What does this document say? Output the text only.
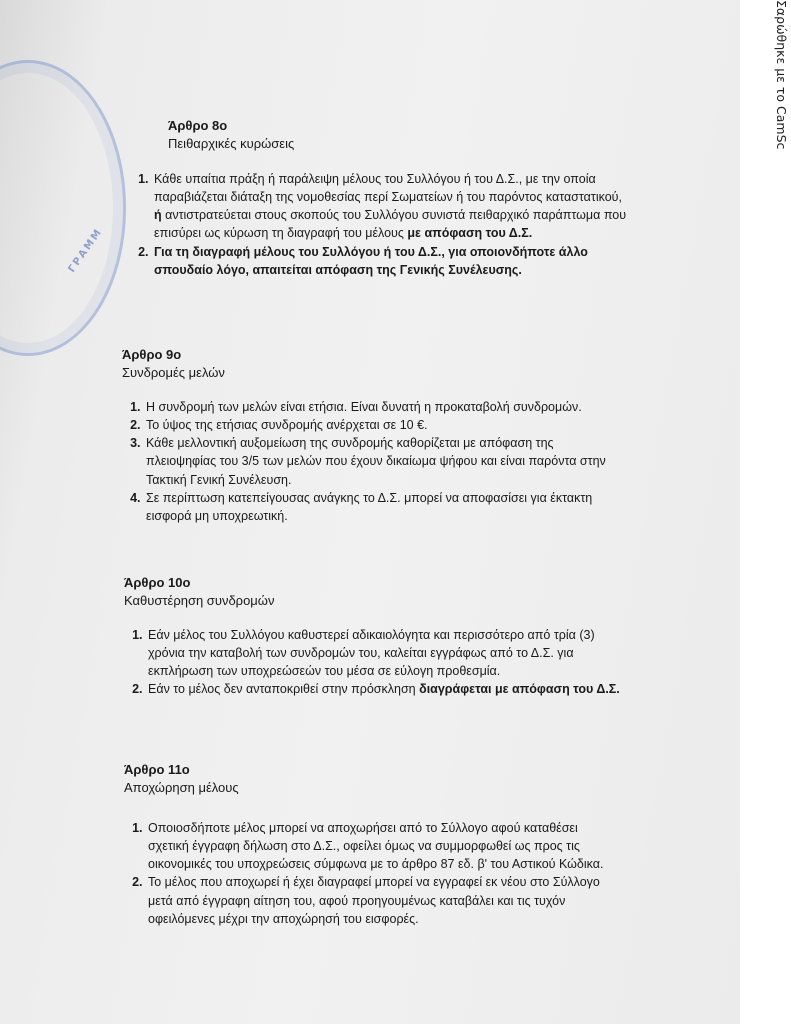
ΓΡΑΜΜ
Άρθρο 8ο
Πειθαρχικές κυρώσεις
1. Κάθε υπαίτια πράξη ή παράλειψη μέλους του Συλλόγου ή του Δ.Σ., με την οποία παραβιάζεται διάταξη της νομοθεσίας περί Σωματείων ή του παρόντος καταστατικού, ή αντιστρατεύεται στους σκοπούς του Συλλόγου συνιστά πειθαρχικό παράπτωμα που επισύρει ως κύρωση τη διαγραφή του μέλους με απόφαση του Δ.Σ.
2. Για τη διαγραφή μέλους του Συλλόγου ή του Δ.Σ., για οποιονδήποτε άλλο σπουδαίο λόγο, απαιτείται απόφαση της Γενικής Συνέλευσης.
Άρθρο 9ο
Συνδρομές μελών
1. Η συνδρομή των μελών είναι ετήσια. Είναι δυνατή η προκαταβολή συνδρομών.
2. Το ύψος της ετήσιας συνδρομής ανέρχεται σε 10 €.
3. Κάθε μελλοντική αυξομείωση της συνδρομής καθορίζεται με απόφαση της πλειοψηφίας του 3/5 των μελών που έχουν δικαίωμα ψήφου και είναι παρόντα στην Τακτική Γενική Συνέλευση.
4. Σε περίπτωση κατεπείγουσας ανάγκης το Δ.Σ. μπορεί να αποφασίσει για έκτακτη εισφορά μη υποχρεωτική.
Άρθρο 10ο
Καθυστέρηση συνδρομών
1. Εάν μέλος του Συλλόγου καθυστερεί αδικαιολόγητα και περισσότερο από τρία (3) χρόνια την καταβολή των συνδρομών του, καλείται εγγράφως από το Δ.Σ. για εκπλήρωση των υποχρεώσεών του μέσα σε εύλογη προθεσμία.
2. Εάν το μέλος δεν ανταποκριθεί στην πρόσκληση διαγράφεται με απόφαση του Δ.Σ.
Άρθρο 11ο
Αποχώρηση μέλους
1. Οποιοσδήποτε μέλος μπορεί να αποχωρήσει από το Σύλλογο αφού καταθέσει σχετική έγγραφη δήλωση στο Δ.Σ., οφείλει όμως να συμμορφωθεί ως προς τις οικονομικές του υποχρεώσεις σύμφωνα με το άρθρο 87 εδ. β' του Αστικού Κώδικα.
2. Το μέλος που αποχωρεί ή έχει διαγραφεί μπορεί να εγγραφεί εκ νέου στο Σύλλογο μετά από έγγραφη αίτηση του, αφού προηγουμένως καταβάλει και τις τυχόν οφειλόμενες μέχρι την αποχώρησή του εισφορές.
Σαρώθηκε με το CamSc
